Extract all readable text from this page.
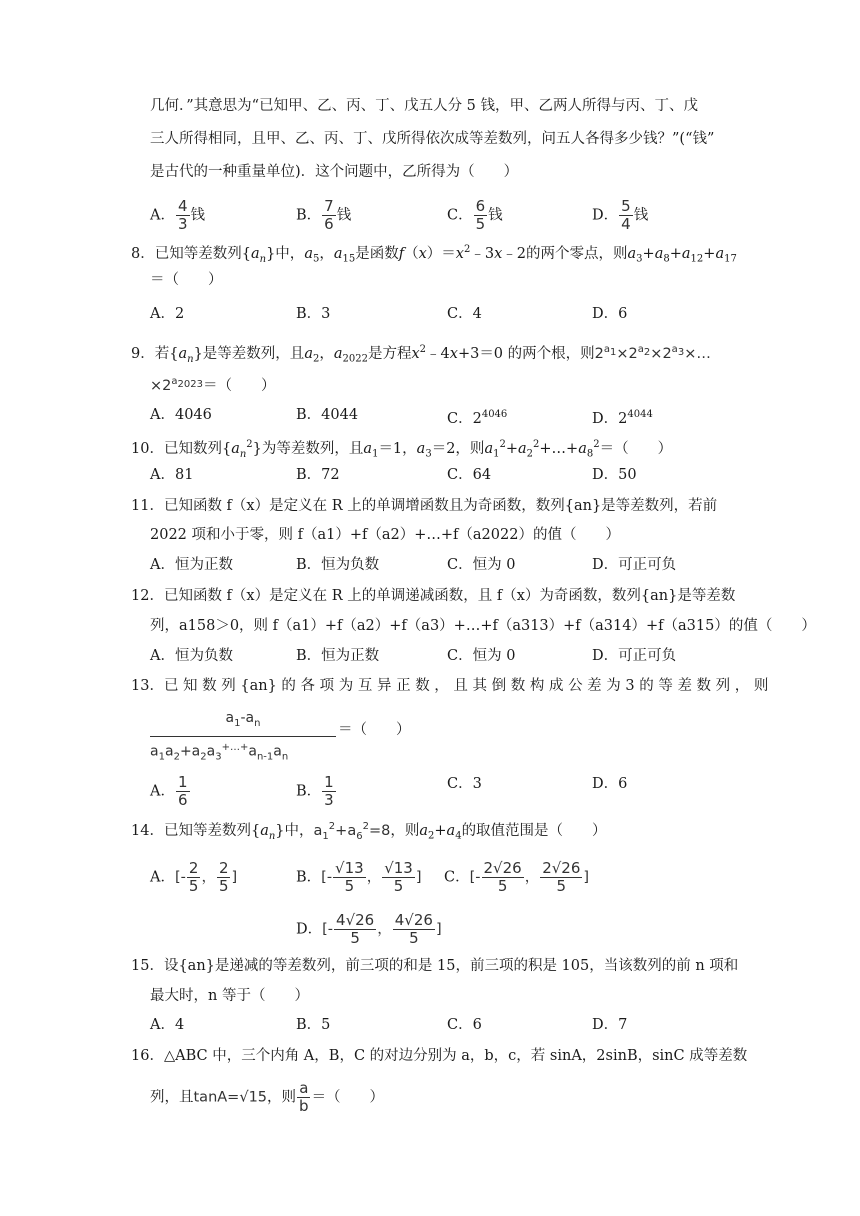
几何．”其意思为“已知甲、乙、丙、丁、戊五人分 5 钱，甲、乙两人所得与丙、丁、戊
三人所得相同，且甲、乙、丙、丁、戊所得依次成等差数列，问五人各得多少钱？”(“钱”
是古代的一种重量单位)．这个问题中，乙所得为（　　）
A． $\frac{4}{3}$ 钱	B． $\frac{7}{6}$ 钱	C． $\frac{6}{5}$ 钱	D． $\frac{5}{4}$ 钱
8．已知等差数列$\{a_n\}$中，$a_5$，$a_{15}$是函数$f(x)=x^2﹣3x﹣2$的两个零点，则$a_3+a_8+a_{12}+a_{17}$
＝（　　）
A．2	B．3	C．4	D．6
9．若$\{a_n\}$是等差数列，且$a_2$，$a_{2022}$是方程$x^2﹣4x+3=0$ 的两个根，则$2^{a_1}\times 2^{a_2}\times 2^{a_3}\times\dots$
$\times 2^{a_{2023}}=$（　　）
A．4046	B．4044	C．$2^{4046}$	D．$2^{4044}$
10．已知数列$\{a_n^2\}$为等差数列，且$a_1=1$，$a_3=2$，则$a_1^2+a_2^2+\dots+a_8^2=$（　　）
A．81	B．72	C．64	D．50
11．已知函数 f（x）是定义在 R 上的单调增函数且为奇函数，数列{an}是等差数列，若前
2022 项和小于零，则 f（a1）+f（a2）+…+f（a2022）的值（　　）
A．恒为正数	B．恒为负数	C．恒为 0	D．可正可负
12．已知函数 f（x）是定义在 R 上的单调递减函数，且 f（x）为奇函数，数列{an}是等差数
列，a158＞0，则 f（a1）+f（a2）+f（a3）+…+f（a313）+f（a314）+f（a315）的值（　　）
A．恒为负数	B．恒为正数	C．恒为 0	D．可正可负
13．已 知 数 列 {an} 的 各 项 为 互 异 正 数 ， 且 其 倒 数 构 成 公 差 为 3 的 等 差 数 列 ， 则
$\frac{a_1-a_n}{a_1a_2+a_2a_3^{+\dots+}a_{n-1}a_n}$ ＝（　　）
A． $\frac{1}{6}$	B． $\frac{1}{3}$	C．3	D．6
14．已知等差数列$\{a_n\}$中，$a_1^2+a_6^2=8$，则$a_2+a_4$的取值范围是（　　）
A．[- $\frac{2}{5}$ ， $\frac{2}{5}$ ]	B．[- $\frac{√13}{5}$ ， $\frac{√13}{5}$ ] C．[- $\frac{2√26}{5}$ ， $\frac{2√26}{5}$ ]
D．[- $\frac{4√26}{5}$ ， $\frac{4√26}{5}$ ]
15．设{an}是递减的等差数列，前三项的和是 15，前三项的积是 105，当该数列的前 n 项和
最大时，n 等于（　　）
A．4	B．5	C．6	D．7
16．△ABC 中，三个内角 A，B，C 的对边分别为 a，b，c，若 sinA，2sinB，sinC 成等差数
列，且tanA=√15，则 $\frac{a}{b}$ ＝（　　）
